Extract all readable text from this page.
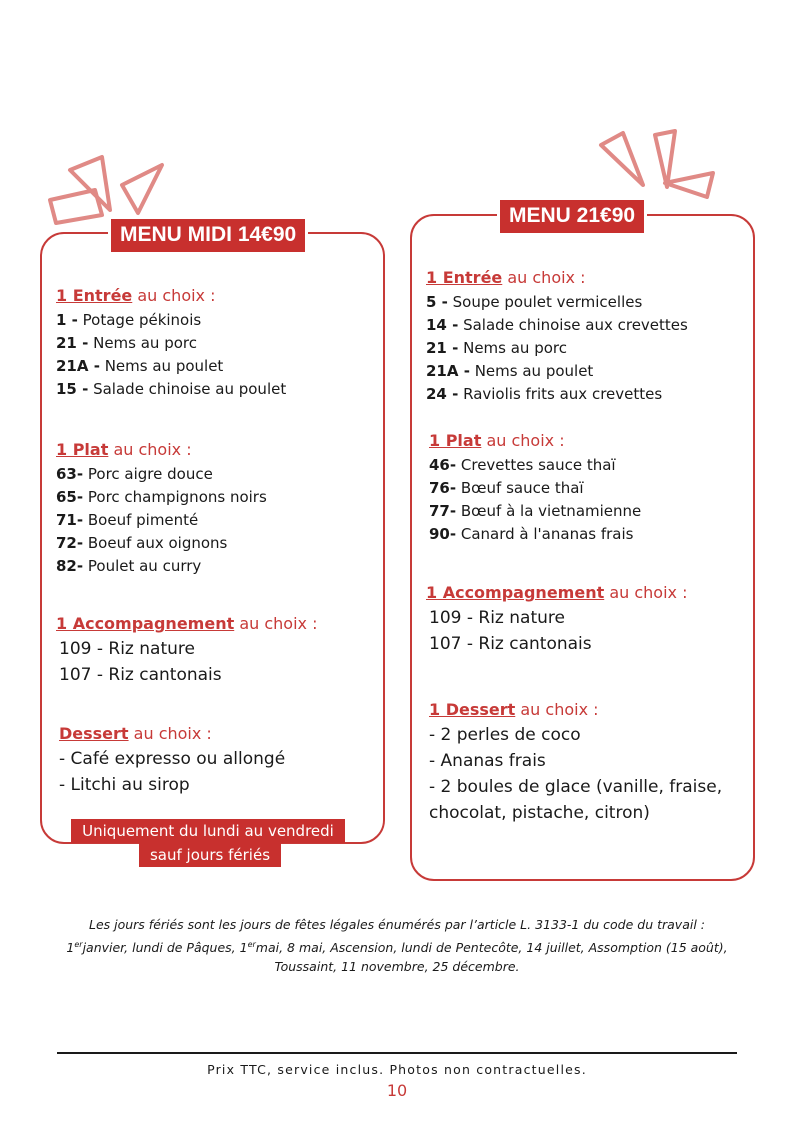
MENU MIDI 14€90
1 Entrée au choix :
1 - Potage pékinois
21 - Nems au porc
21A - Nems au poulet
15 - Salade chinoise au poulet
1 Plat au choix :
63- Porc aigre douce
65- Porc champignons noirs
71- Boeuf pimenté
72- Boeuf aux oignons
82- Poulet au curry
1 Accompagnement au choix :
109 - Riz nature
107 - Riz cantonais
Dessert au choix :
- Café expresso ou allongé
- Litchi au sirop
Uniquement du lundi au vendredi
sauf jours fériés
MENU 21€90
1 Entrée au choix :
5 - Soupe poulet vermicelles
14 - Salade chinoise aux crevettes
21 - Nems au porc
21A - Nems au poulet
24 - Raviolis frits aux crevettes
1 Plat au choix :
46- Crevettes sauce thaï
76- Bœuf sauce thaï
77- Bœuf à la vietnamienne
90- Canard à l'ananas frais
1 Accompagnement au choix :
109 - Riz nature
107 - Riz cantonais
1 Dessert au choix :
- 2 perles de coco
- Ananas frais
- 2 boules de glace (vanille, fraise,
chocolat, pistache, citron)
Les jours fériés sont les jours de fêtes légales énumérés par l’article L. 3133-1 du code du travail :
1erjanvier, lundi de Pâques, 1ermai, 8 mai, Ascension, lundi de Pentecôte, 14 juillet, Assomption (15 août),
Toussaint, 11 novembre, 25 décembre.
Prix TTC, service inclus. Photos non contractuelles.
10
